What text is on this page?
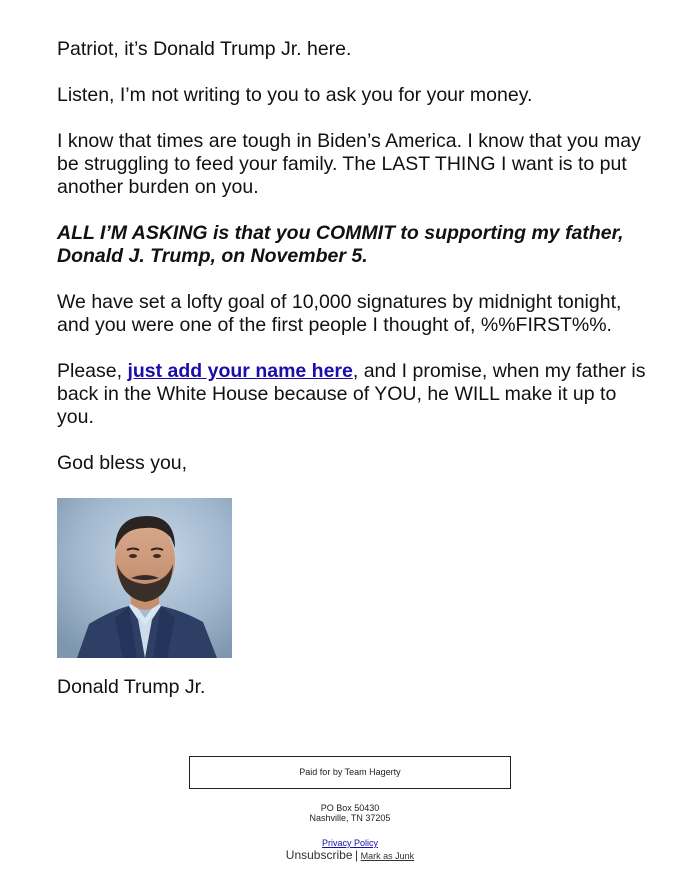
Patriot, it’s Donald Trump Jr. here.

Listen, I’m not writing to you to ask you for your money.

I know that times are tough in Biden’s America. I know that you may be struggling to feed your family. The LAST THING I want is to put another burden on you.

ALL I’M ASKING is that you COMMIT to supporting my father, Donald J. Trump, on November 5.

We have set a lofty goal of 10,000 signatures by midnight tonight, and you were one of the first people I thought of, %%FIRST%%.

Please, just add your name here, and I promise, when my father is back in the White House because of YOU, he WILL make it up to you.

God bless you,

Donald Trump Jr.

Paid for by Team Hagerty
PO Box 50430
Nashville, TN 37205
Privacy Policy
Unsubscribe | Mark as Junk
